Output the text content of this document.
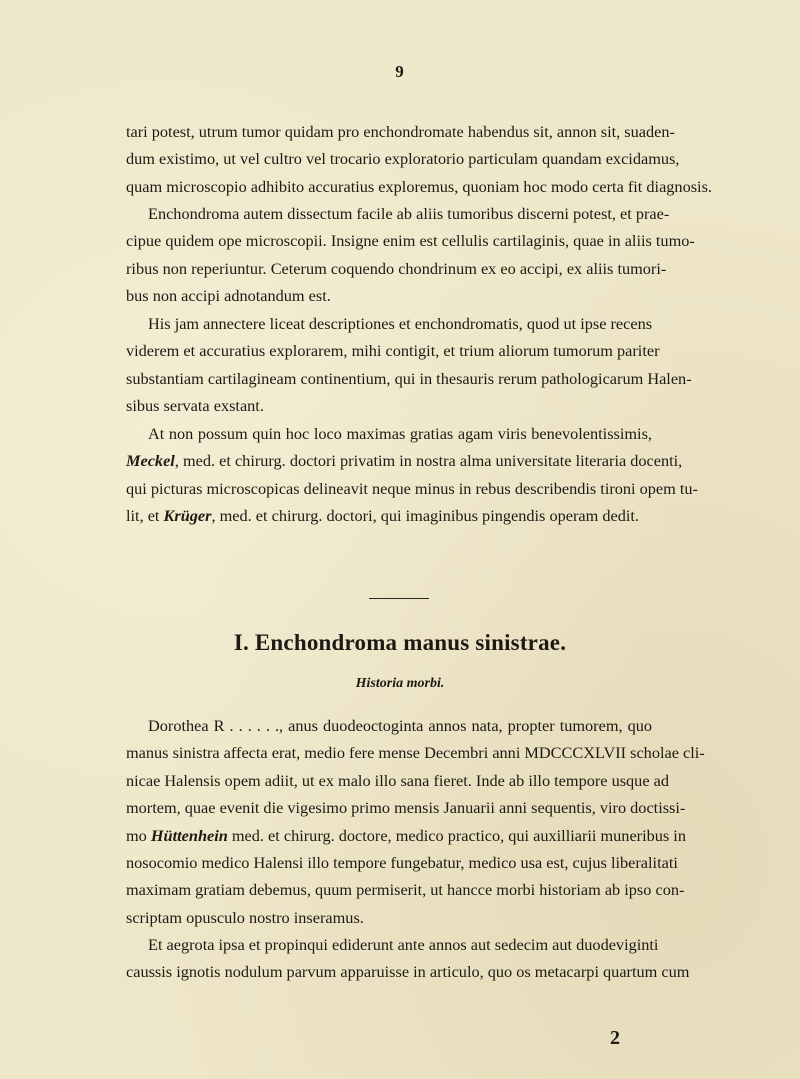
9
tari potest, utrum tumor quidam pro enchondromate habendus sit, annon sit, suaden-
dum existimo, ut vel cultro vel trocario exploratorio particulam quandam excidamus,
quam microscopio adhibito accuratius exploremus, quoniam hoc modo certa fit diagnosis.
Enchondroma autem dissectum facile ab aliis tumoribus discerni potest, et prae-
cipue quidem ope microscopii. Insigne enim est cellulis cartilaginis, quae in aliis tumo-
ribus non reperiuntur. Ceterum coquendo chondrinum ex eo accipi, ex aliis tumori-
bus non accipi adnotandum est.
His jam annectere liceat descriptiones et enchondromatis, quod ut ipse recens
viderem et accuratius explorarem, mihi contigit, et trium aliorum tumorum pariter
substantiam cartilagineam continentium, qui in thesauris rerum pathologicarum Halen-
sibus servata exstant.
At non possum quin hoc loco maximas gratias agam viris benevolentissimis,
Meckel, med. et chirurg. doctori privatim in nostra alma universitate literaria docenti,
qui picturas microscopicas delineavit neque minus in rebus describendis tironi opem tu-
lit, et Krüger, med. et chirurg. doctori, qui imaginibus pingendis operam dedit.
I. Enchondroma manus sinistrae.

Historia morbi.

Dorothea R . . . . . ., anus duodeoctoginta annos nata, propter tumorem, quo
manus sinistra affecta erat, medio fere mense Decembri anni MDCCCXLVII scholae cli-
nicae Halensis opem adiit, ut ex malo illo sana fieret. Inde ab illo tempore usque ad
mortem, quae evenit die vigesimo primo mensis Januarii anni sequentis, viro doctissi-
mo Hüttenhein med. et chirurg. doctore, medico practico, qui auxilliarii muneribus in
nosocomio medico Halensi illo tempore fungebatur, medico usa est, cujus liberalitati
maximam gratiam debemus, quum permiserit, ut hancce morbi historiam ab ipso con-
scriptam opusculo nostro inseramus.
Et aegrota ipsa et propinqui ediderunt ante annos aut sedecim aut duodeviginti
caussis ignotis nodulum parvum apparuisse in articulo, quo os metacarpi quartum cum
2
